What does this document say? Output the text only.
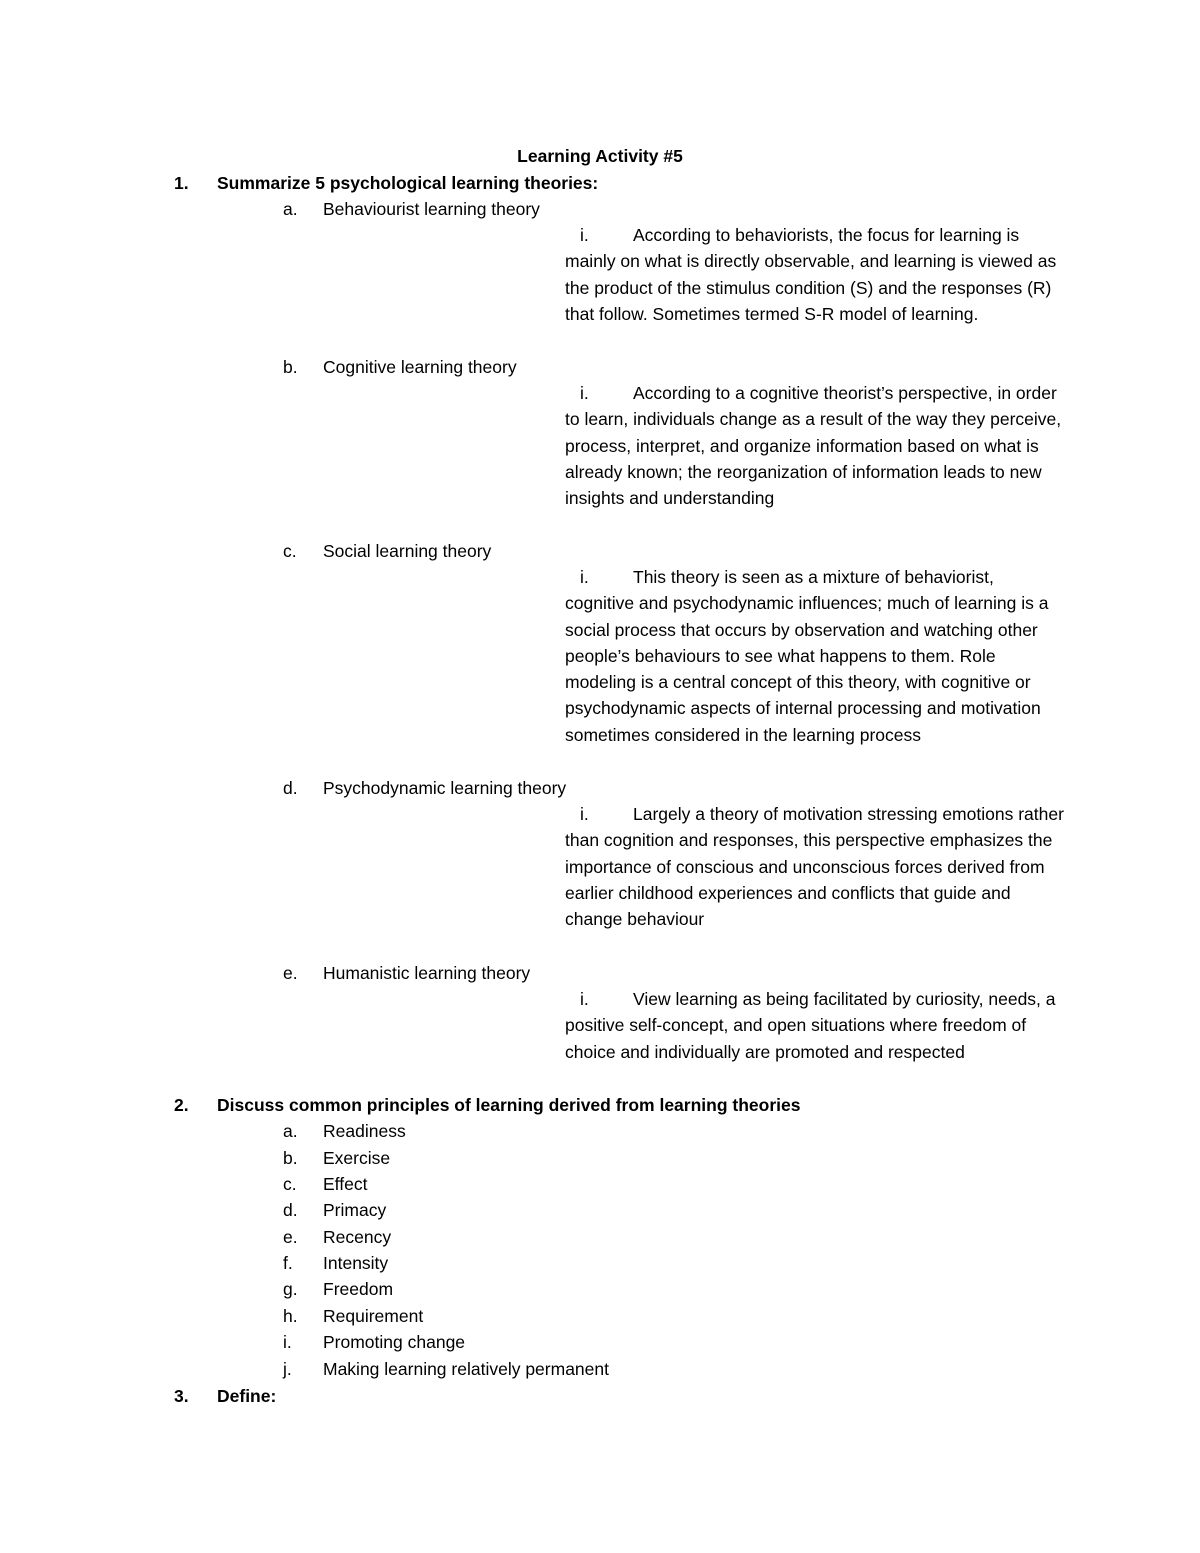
Learning Activity #5
1. Summarize 5 psychological learning theories:
a. Behaviourist learning theory
i.	According to behaviorists, the focus for learning is mainly on what is directly observable, and learning is viewed as the product of the stimulus condition (S) and the responses (R) that follow. Sometimes termed S-R model of learning.
b. Cognitive learning theory
i.	According to a cognitive theorist’s perspective, in order to learn, individuals change as a result of the way they perceive, process, interpret, and organize information based on what is already known; the reorganization of information leads to new insights and understanding
c. Social learning theory
i.	This theory is seen as a mixture of behaviorist, cognitive and psychodynamic influences; much of learning is a social process that occurs by observation and watching other people’s behaviours to see what happens to them. Role modeling is a central concept of this theory, with cognitive or psychodynamic aspects of internal processing and motivation sometimes considered in the learning process
d. Psychodynamic learning theory
i.	Largely a theory of motivation stressing emotions rather than cognition and responses, this perspective emphasizes the importance of conscious and unconscious forces derived from earlier childhood experiences and conflicts that guide and change behaviour
e. Humanistic learning theory
i.	View learning as being facilitated by curiosity, needs, a positive self-concept, and open situations where freedom of choice and individually are promoted and respected
2. Discuss common principles of learning derived from learning theories
a. Readiness
b. Exercise
c. Effect
d. Primacy
e. Recency
f. Intensity
g. Freedom
h. Requirement
i. Promoting change
j. Making learning relatively permanent
3. Define:
